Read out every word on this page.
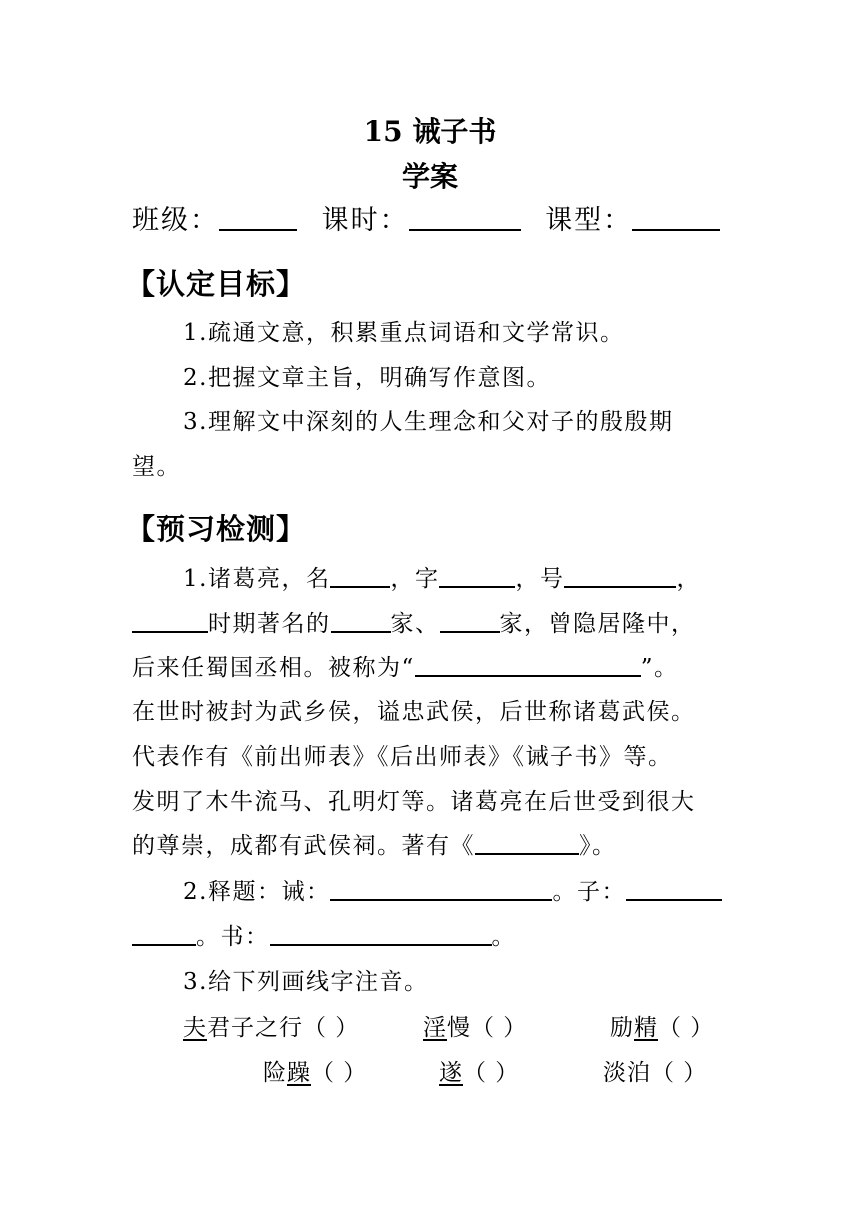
15 诫子书
学案
班级：	课时：	课型：
【认定目标】
1.疏通文意，积累重点词语和文学常识。
2.把握文章主旨，明确写作意图。
3.理解文中深刻的人生理念和父对子的殷殷期
望。
【预习检测】
1.诸葛亮，名	，字	，号	，
时期著名的	家、	家，曾隐居隆中，
后来任蜀国丞相。被称为“	”。
在世时被封为武乡侯，谥忠武侯，后世称诸葛武侯。
代表作有《前出师表》《后出师表》《诫子书》等。
发明了木牛流马、孔明灯等。诸葛亮在后世受到很大
的尊崇，成都有武侯祠。著有《	》。
2.释题：诫：	。子：
。书：	。
3.给下列画线字注音。
夫君子之行（ ）	淫慢（ ）	励精（ ）
险躁（ ）	遂（ ）	淡泊（ ）
